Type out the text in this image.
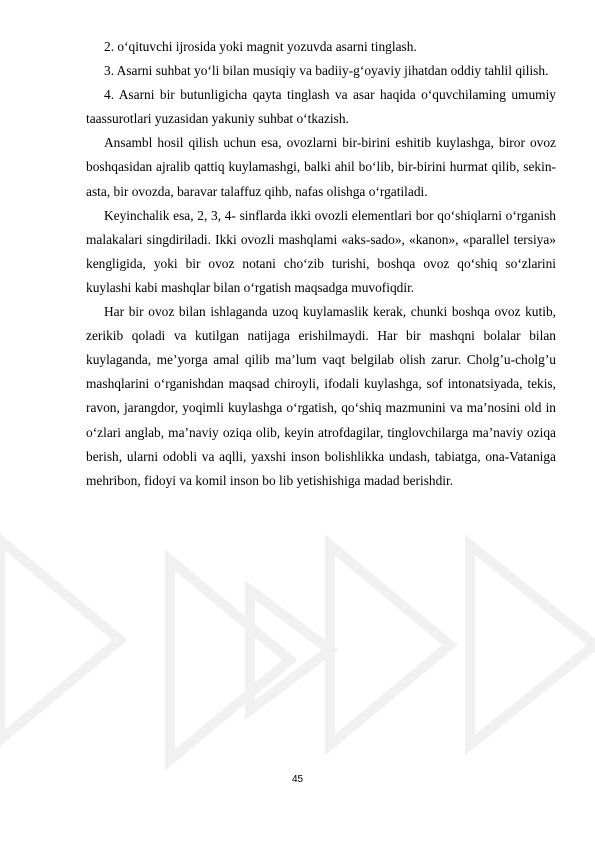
2. o‘qituvchi ijrosida yoki magnit yozuvda asarni tinglash.

3. Asarni suhbat yo‘li bilan musiqiy va badiiy-g‘oyaviy jihatdan oddiy tahlil qilish.

4. Asarni bir butunligicha qayta tinglash va asar haqida o‘quvchilaming umumiy taassurotlari yuzasidan yakuniy suhbat o‘tkazish.

Ansambl hosil qilish uchun esa, ovozlarni bir-birini eshitib kuylashga, biror ovoz boshqasidan ajralib qattiq kuylamashgi, balki ahil bo‘lib, bir-birini hurmat qilib, sekin-asta, bir ovozda, baravar talaffuz qihb, nafas olishga o‘rgatiladi.

Keyinchalik esa, 2, 3, 4- sinflarda ikki ovozli elementlari bor qo‘shiqlarni o‘rganish malakalari singdiriladi. Ikki ovozli mashqlami «aks-sado», «kanon», «parallel tersiya» kengligida, yoki bir ovoz notani cho‘zib turishi, boshqa ovoz qo‘shiq so‘zlarini kuylashi kabi mashqlar bilan o‘rgatish maqsadga muvofiqdir.

Har bir ovoz bilan ishlaganda uzoq kuylamaslik kerak, chunki boshqa ovoz kutib, zerikib qoladi va kutilgan natijaga erishilmaydi. Har bir mashqni bolalar bilan kuylaganda, me’yorga amal qilib ma’lum vaqt belgilab olish zarur. Cholg’u-cholg’u mashqlarini o‘rganishdan maqsad chiroyli, ifodali kuylashga, sof intonatsiyada, tekis, ravon, jarangdor, yoqimli kuylashga o‘rgatish, qo‘shiq mazmunini va ma’nosini old in o‘zlari anglab, ma’naviy oziqa olib, keyin atrofdagilar, tinglovchilarga ma’naviy oziqa berish, ularni odobli va aqlli, yaxshi inson bolishlikka undash, tabiatga, ona-Vataniga mehribon, fidoyi va komil inson bo lib yetishishiga madad berishdir.

45
